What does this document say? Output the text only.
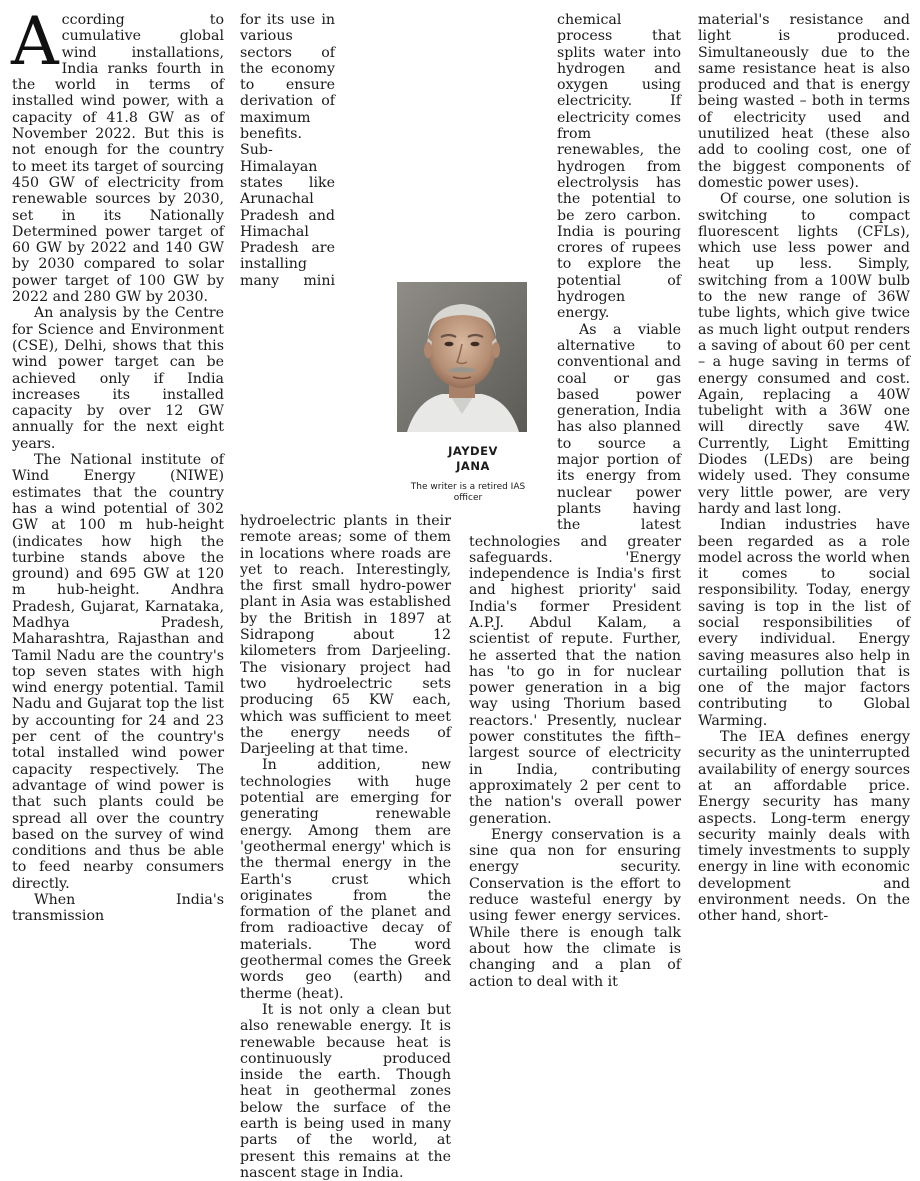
According to cumulative global wind installations, India ranks fourth in the world in terms of installed wind power, with a capacity of 41.8 GW as of November 2022. But this is not enough for the country to meet its target of sourcing 450 GW of electricity from renewable sources by 2030, set in its Nationally Determined power target of 60 GW by 2022 and 140 GW by 2030 compared to solar power target of 100 GW by 2022 and 280 GW by 2030.

An analysis by the Centre for Science and Environment (CSE), Delhi, shows that this wind power target can be achieved only if India increases its installed capacity by over 12 GW annually for the next eight years.

The National institute of Wind Energy (NIWE) estimates that the country has a wind potential of 302 GW at 100 m hub-height (indicates how high the turbine stands above the ground) and 695 GW at 120 m hub-height. Andhra Pradesh, Gujarat, Karnataka, Madhya Pradesh, Maharashtra, Rajasthan and Tamil Nadu are the country's top seven states with high wind energy potential. Tamil Nadu and Gujarat top the list by accounting for 24 and 23 per cent of the country's total installed wind power capacity respectively. The advantage of wind power is that such plants could be spread all over the country based on the survey of wind conditions and thus be able to feed nearby consumers directly.

When India's transmission

for its use in various sectors of the economy to ensure derivation of maximum benefits. Sub-Himalayan states like Arunachal Pradesh and Himachal Pradesh are installing many mini hydroelectric plants in their remote areas; some of them in locations where roads are yet to reach. Interestingly, the first small hydro-power plant in Asia was established by the British in 1897 at Sidrapong about 12 kilometers from Darjeeling. The visionary project had two hydroelectric sets producing 65 KW each, which was sufficient to meet the energy needs of Darjeeling at that time.

In addition, new technologies with huge potential are emerging for generating renewable energy. Among them are 'geothermal energy' which is the thermal energy in the Earth's crust which originates from the formation of the planet and from radioactive decay of materials. The word geothermal comes the Greek words geo (earth) and therme (heat).

It is not only a clean but also renewable energy. It is renewable because heat is continuously produced inside the earth. Though heat in geothermal zones below the surface of the earth is being used in many parts of the world, at present this remains at the nascent stage in India.

chemical process that splits water into hydrogen and oxygen using electricity. If electricity comes from renewables, the hydrogen from electrolysis has the potential to be zero carbon. India is pouring crores of rupees to explore the potential of hydrogen energy.

As a viable alternative to conventional and coal or gas based power generation, India has also planned to source a major portion of its energy from nuclear power plants having the latest technologies and greater safeguards. 'Energy independence is India's first and highest priority' said India's former President A.P.J. Abdul Kalam, a scientist of repute. Further, he asserted that the nation has 'to go in for nuclear power generation in a big way using Thorium based reactors.' Presently, nuclear power constitutes the fifth–largest source of electricity in India, contributing approximately 2 per cent to the nation's overall power generation.

Energy conservation is a sine qua non for ensuring energy security. Conservation is the effort to reduce wasteful energy by using fewer energy services. While there is enough talk about how the climate is changing and a plan of action to deal with it

material's resistance and light is produced. Simultaneously due to the same resistance heat is also produced and that is energy being wasted – both in terms of electricity used and unutilized heat (these also add to cooling cost, one of the biggest components of domestic power uses).

Of course, one solution is switching to compact fluorescent lights (CFLs), which use less power and heat up less. Simply, switching from a 100W bulb to the new range of 36W tube lights, which give twice as much light output renders a saving of about 60 per cent – a huge saving in terms of energy consumed and cost. Again, replacing a 40W tubelight with a 36W one will directly save 4W. Currently, Light Emitting Diodes (LEDs) are being widely used. They consume very little power, are very hardy and last long.

Indian industries have been regarded as a role model across the world when it comes to social responsibility. Today, energy saving is top in the list of social responsibilities of every individual. Energy saving measures also help in curtailing pollution that is one of the major factors contributing to Global Warming.

The IEA defines energy security as the uninterrupted availability of energy sources at an affordable price. Energy security has many aspects. Long-term energy security mainly deals with timely investments to supply energy in line with economic development and environment needs. On the other hand, short-

JAYDEV
JANA
The writer is a retired IAS officer
